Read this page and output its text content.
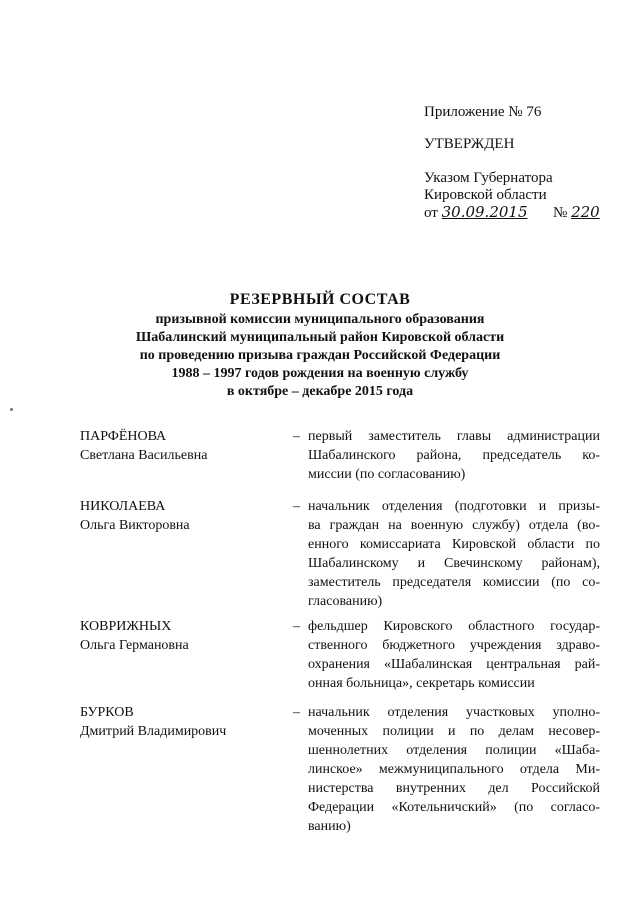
Приложение № 76
УТВЕРЖДЕН
Указом Губернатора
Кировской области
от 30.09.2015 № 220
РЕЗЕРВНЫЙ СОСТАВ
призывной комиссии муниципального образования
Шабалинский муниципальный район Кировской области
по проведению призыва граждан Российской Федерации
1988 – 1997 годов рождения на военную службу
в октябре – декабре 2015 года
ПАРФЁНОВА
Светлана Васильевна
– первый заместитель главы администрации
Шабалинского района, председатель ко-
миссии (по согласованию)
НИКОЛАЕВА
Ольга Викторовна
– начальник отделения (подготовки и призы-
ва граждан на военную службу) отдела (во-
енного комиссариата Кировской области по
Шабалинскому и Свечинскому районам),
заместитель председателя комиссии (по со-
гласованию)
КОВРИЖНЫХ
Ольга Германовна
– фельдшер Кировского областного государ-
ственного бюджетного учреждения здраво-
охранения «Шабалинская центральная рай-
онная больница», секретарь комиссии
БУРКОВ
Дмитрий Владимирович
– начальник отделения участковых уполно-
моченных полиции и по делам несовер-
шеннолетних отделения полиции «Шаба-
линское» межмуниципального отдела Ми-
нистерства внутренних дел Российской
Федерации «Котельничский» (по согласо-
ванию)
